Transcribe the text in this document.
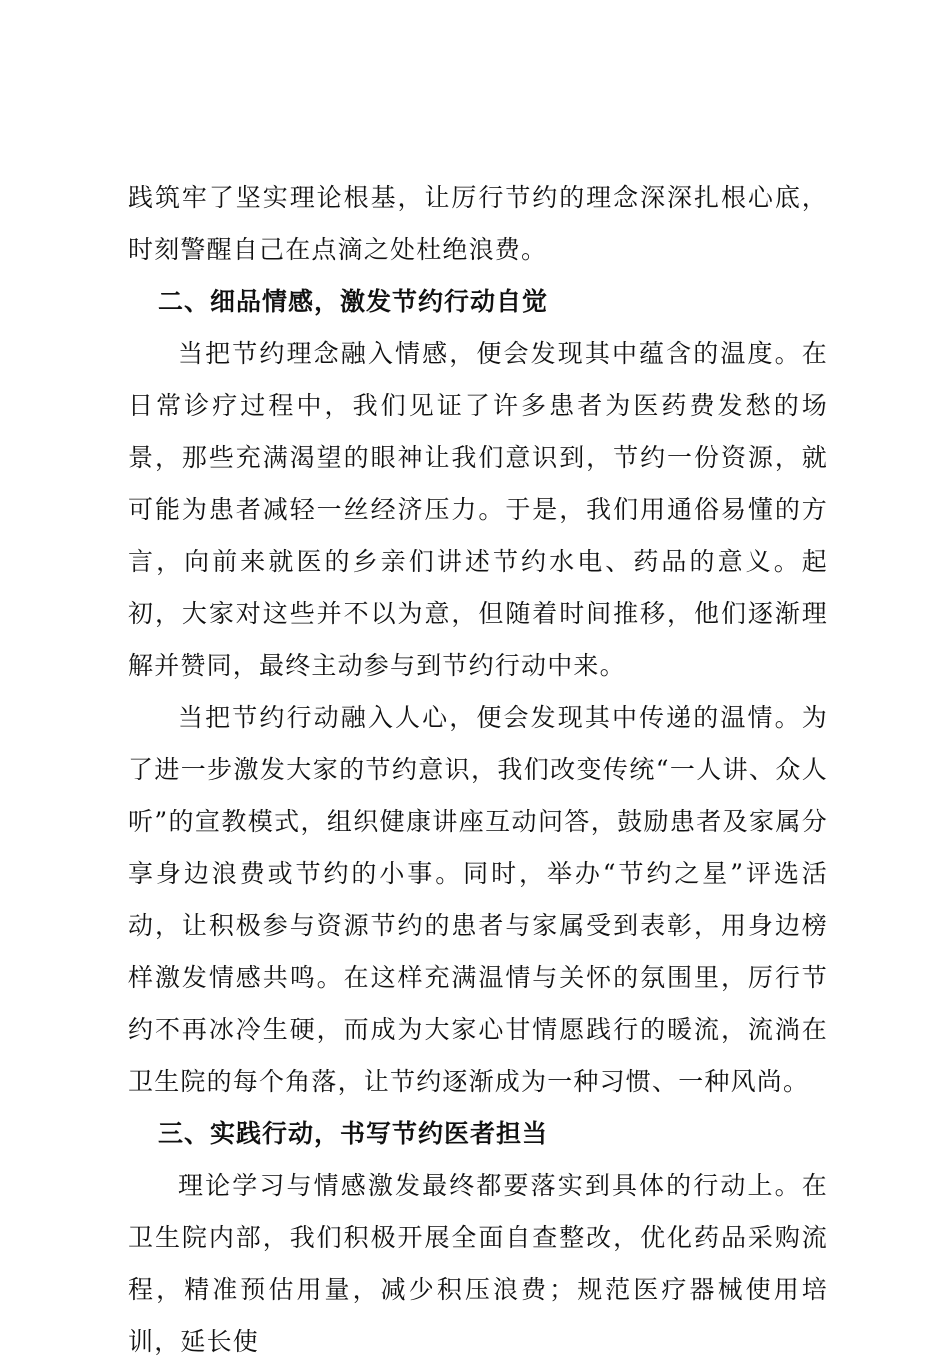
践筑牢了坚实理论根基，让厉行节约的理念深深扎根心底，时刻警醒自己在点滴之处杜绝浪费。

二、细品情感，激发节约行动自觉

当把节约理念融入情感，便会发现其中蕴含的温度。在日常诊疗过程中，我们见证了许多患者为医药费发愁的场景，那些充满渴望的眼神让我们意识到，节约一份资源，就可能为患者减轻一丝经济压力。于是，我们用通俗易懂的方言，向前来就医的乡亲们讲述节约水电、药品的意义。起初，大家对这些并不以为意，但随着时间推移，他们逐渐理解并赞同，最终主动参与到节约行动中来。

当把节约行动融入人心，便会发现其中传递的温情。为了进一步激发大家的节约意识，我们改变传统“一人讲、众人听”的宣教模式，组织健康讲座互动问答，鼓励患者及家属分享身边浪费或节约的小事。同时，举办“节约之星”评选活动，让积极参与资源节约的患者与家属受到表彰，用身边榜样激发情感共鸣。在这样充满温情与关怀的氛围里，厉行节约不再冰冷生硬，而成为大家心甘情愿践行的暖流，流淌在卫生院的每个角落，让节约逐渐成为一种习惯、一种风尚。

三、实践行动，书写节约医者担当

理论学习与情感激发最终都要落实到具体的行动上。在卫生院内部，我们积极开展全面自查整改，优化药品采购流程，精准预估用量，减少积压浪费；规范医疗器械使用培训，延长使
